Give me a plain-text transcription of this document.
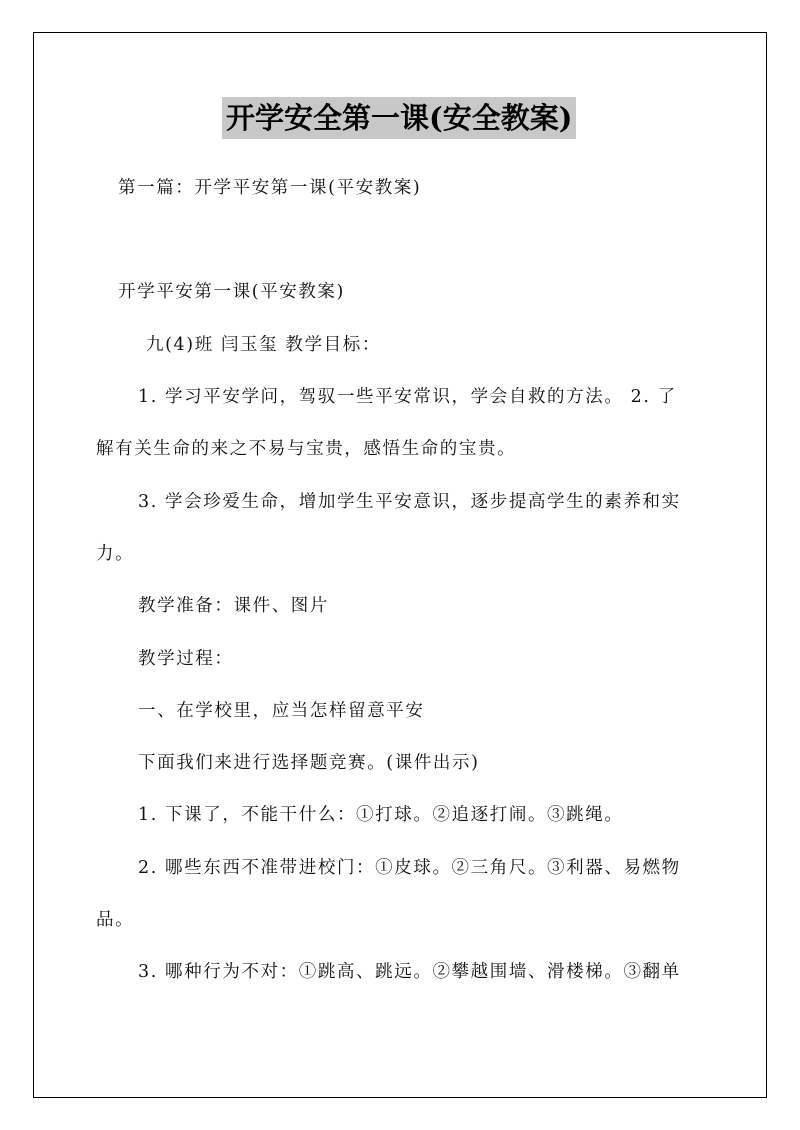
开学安全第一课(安全教案)
第一篇：开学平安第一课(平安教案)
开学平安第一课(平安教案)
九(4)班 闫玉玺 教学目标：
1. 学习平安学问，驾驭一些平安常识，学会自救的方法。 2. 了
解有关生命的来之不易与宝贵，感悟生命的宝贵。
3. 学会珍爱生命，增加学生平安意识，逐步提高学生的素养和实
力。
教学准备：课件、图片
教学过程：
一、在学校里，应当怎样留意平安
下面我们来进行选择题竞赛。(课件出示)
1. 下课了，不能干什么：①打球。②追逐打闹。③跳绳。
2. 哪些东西不准带进校门：①皮球。②三角尺。③利器、易燃物
品。
3. 哪种行为不对：①跳高、跳远。②攀越围墙、滑楼梯。③翻单
